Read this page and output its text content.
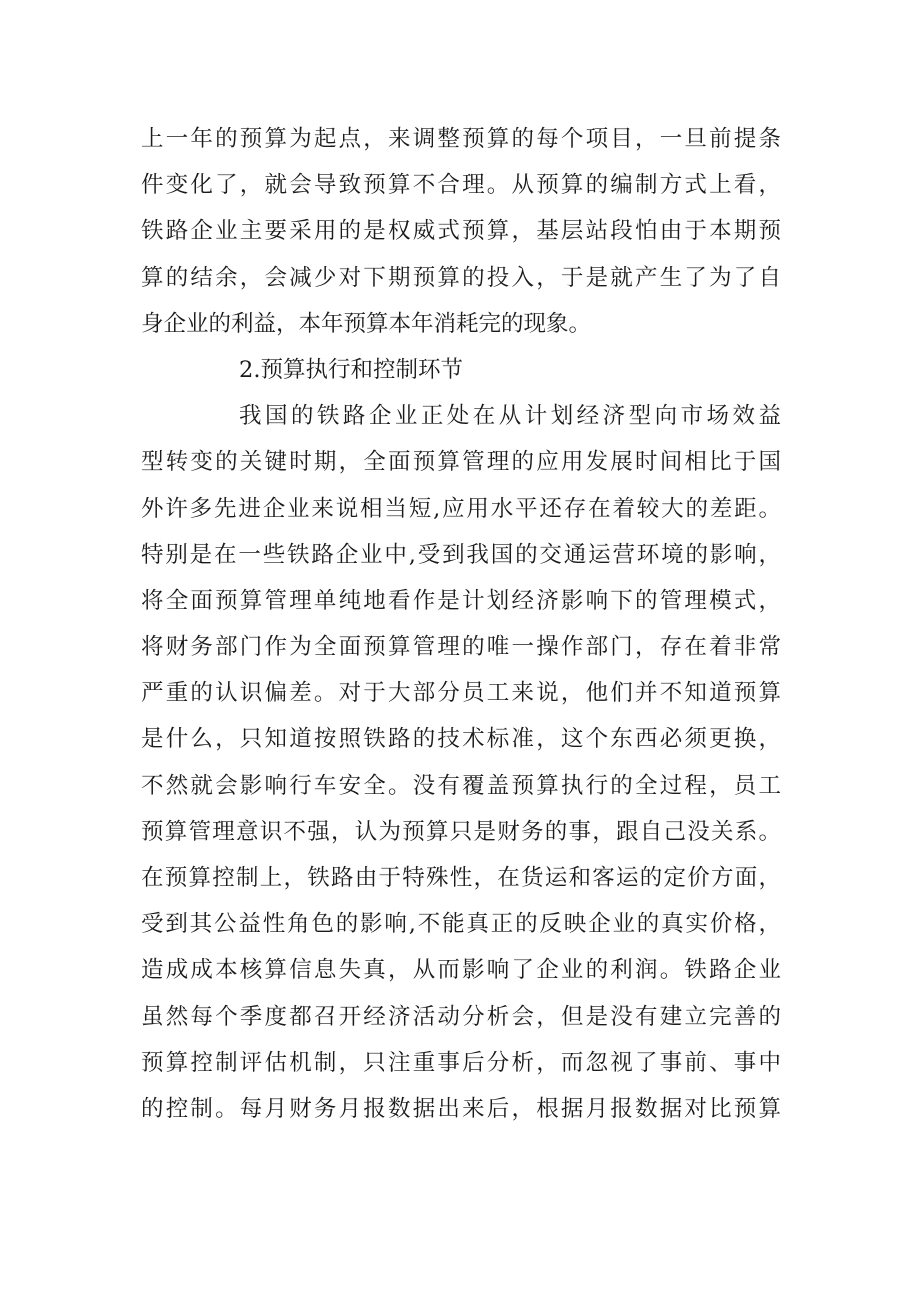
上一年的预算为起点，来调整预算的每个项目，一旦前提条
件变化了，就会导致预算不合理。从预算的编制方式上看，
铁路企业主要采用的是权威式预算，基层站段怕由于本期预
算的结余，会减少对下期预算的投入，于是就产生了为了自
身企业的利益，本年预算本年消耗完的现象。
2.预算执行和控制环节
我国的铁路企业正处在从计划经济型向市场效益
型转变的关键时期，全面预算管理的应用发展时间相比于国
外许多先进企业来说相当短,应用水平还存在着较大的差距。
特别是在一些铁路企业中,受到我国的交通运营环境的影响，
将全面预算管理单纯地看作是计划经济影响下的管理模式，
将财务部门作为全面预算管理的唯一操作部门，存在着非常
严重的认识偏差。对于大部分员工来说，他们并不知道预算
是什么，只知道按照铁路的技术标准，这个东西必须更换，
不然就会影响行车安全。没有覆盖预算执行的全过程，员工
预算管理意识不强，认为预算只是财务的事，跟自己没关系。
在预算控制上，铁路由于特殊性，在货运和客运的定价方面，
受到其公益性角色的影响,不能真正的反映企业的真实价格，
造成成本核算信息失真，从而影响了企业的利润。铁路企业
虽然每个季度都召开经济活动分析会，但是没有建立完善的
预算控制评估机制，只注重事后分析，而忽视了事前、事中
的控制。每月财务月报数据出来后，根据月报数据对比预算
